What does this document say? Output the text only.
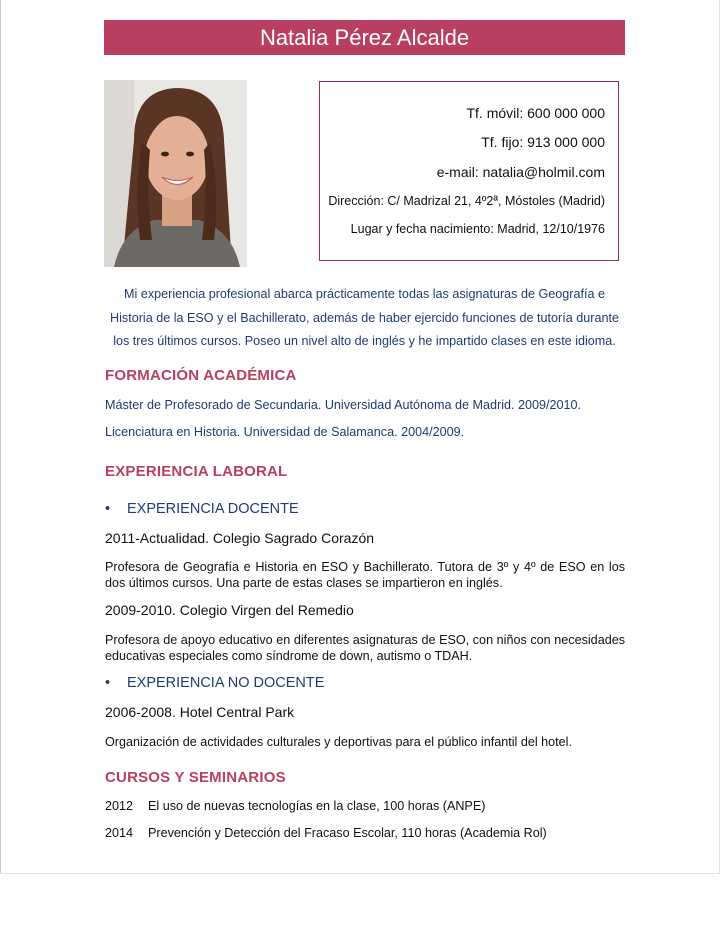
Natalia Pérez Alcalde
Tf. móvil: 600 000 000
Tf. fijo: 913 000 000
e-mail: natalia@holmil.com
Dirección: C/ Madrizal 21, 4º2ª, Móstoles (Madrid)
Lugar y fecha nacimiento: Madrid, 12/10/1976
Mi experiencia profesional abarca prácticamente todas las asignaturas de Geografía e Historia de la ESO y el Bachillerato, además de haber ejercido funciones de tutoría durante los tres últimos cursos. Poseo un nivel alto de inglés y he impartido clases en este idioma.
FORMACIÓN ACADÉMICA
Máster de Profesorado de Secundaria. Universidad Autónoma de Madrid. 2009/2010.
Licenciatura en Historia. Universidad de Salamanca. 2004/2009.
EXPERIENCIA LABORAL
• EXPERIENCIA DOCENTE
2011-Actualidad. Colegio Sagrado Corazón
Profesora de Geografía e Historia en ESO y Bachillerato. Tutora de 3º y 4º de ESO en los dos últimos cursos. Una parte de estas clases se impartieron en inglés.
2009-2010. Colegio Virgen del Remedio
Profesora de apoyo educativo en diferentes asignaturas de ESO, con niños con necesidades educativas especiales como síndrome de down, autismo o TDAH.
• EXPERIENCIA NO DOCENTE
2006-2008. Hotel Central Park
Organización de actividades culturales y deportivas para el público infantil del hotel.
CURSOS Y SEMINARIOS
2012 El uso de nuevas tecnologías en la clase, 100 horas (ANPE)
2014 Prevención y Detección del Fracaso Escolar, 110 horas (Academia Rol)
